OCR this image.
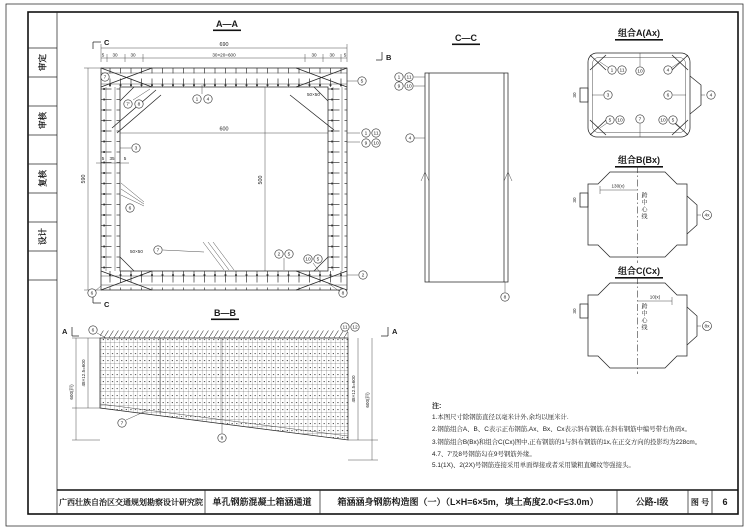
审定
审核
复核
设计
广西壮族自治区交通规划勘察设计研究院 单孔钢筋混凝土箱涵通道	箱涵涵身钢筋构造图（一）（L×H=6×5m，填土高度2.0<F≤3.0m）	公路-Ⅰ级	图 号 6
A—A
690
30×20=600
5 30	30	30	30 5
590
5 35 5
600
500
50×50
50×50
C
C
B
7
7' 8
1 4
5
1 11
9 10
3
6
7
2 5
10 5
2
8
6
C—C
1 11
9 10
4
8
B—B
48×12.5=600
600(斜)	48×12.5=600 600(斜)
A	A
6
11 12
7
8
组合A(Ax)
30
1 11	10	4
3	6
5 10	7	10 5
4
组合B(Bx)
跨中心线
130(x)
30
4x
组合C(Cx)
跨中心线
10(x)
30
8x
注:
1.本图尺寸除钢筋直径以毫米计外,余均以厘米计.
2.钢筋组合A、B、C表示正布钢筋,Ax、Bx、Cx表示斜布钢筋,在斜布钢筋中编号带右角码x。
3.钢筋组合B(Bx)和组合C(Cx)图中,正布钢筋的1与斜布钢筋的1x,在正交方向的投影均为228cm。
4.7、7′及8号钢筋勾在9号钢筋外缘。
5.1(1X)、2(2X)号钢筋连接采用单面焊接或者采用镦粗直螺纹等强接头。
